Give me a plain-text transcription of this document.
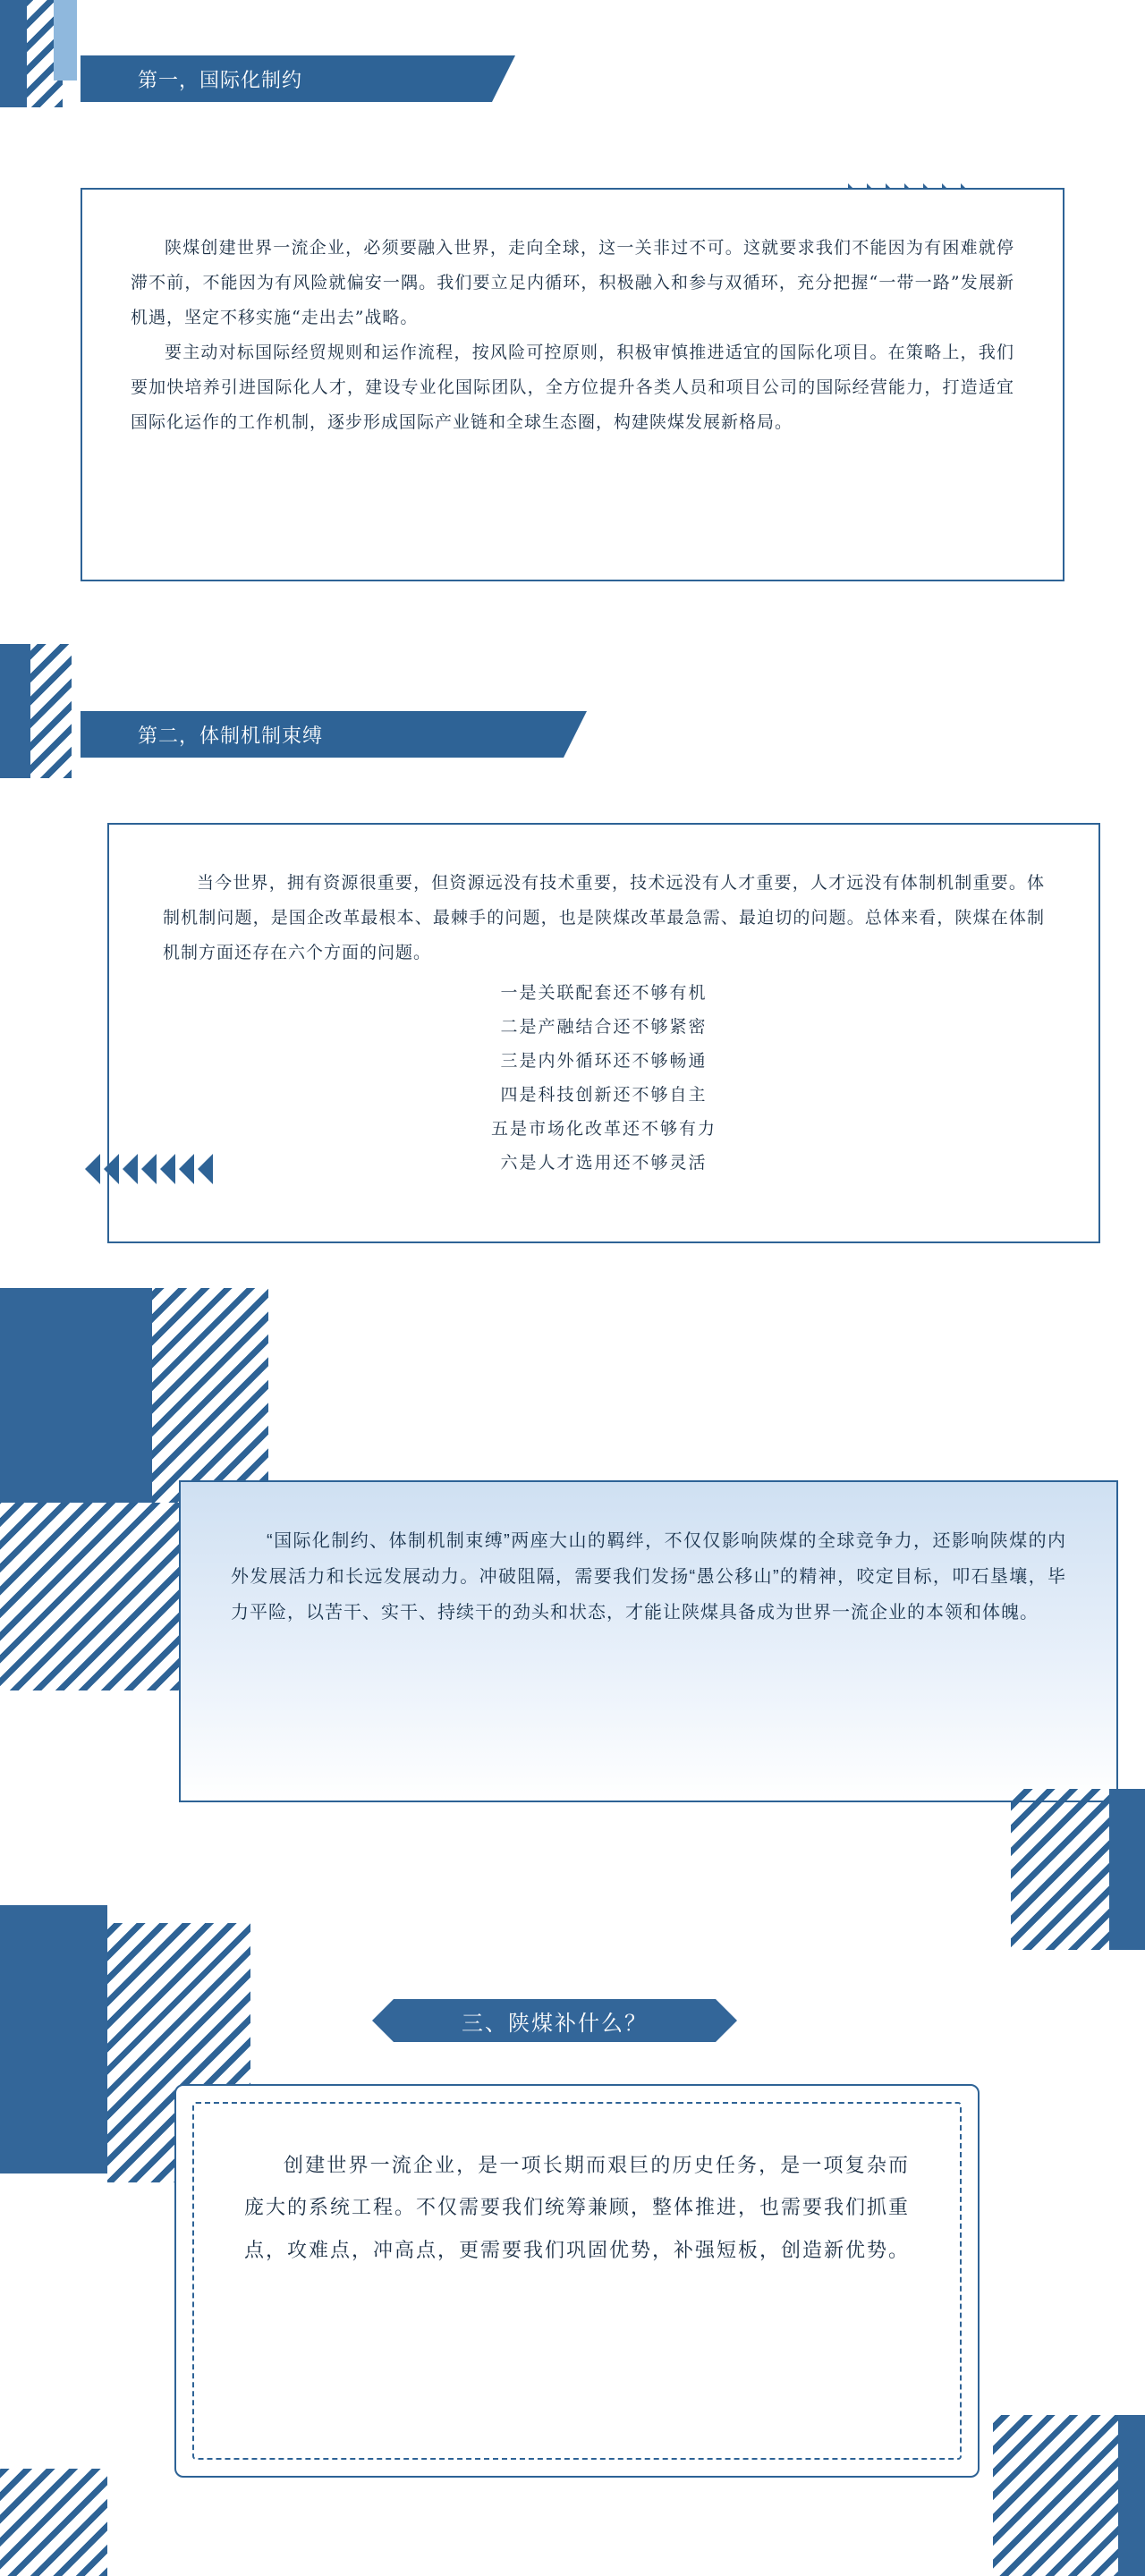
第一，国际化制约

陕煤创建世界一流企业，必须要融入世界，走向全球，这一关非过不可。这就要求我们不能因为有困难就停滞不前，不能因为有风险就偏安一隅。我们要立足内循环，积极融入和参与双循环，充分把握“一带一路”发展新机遇，坚定不移实施“走出去”战略。

要主动对标国际经贸规则和运作流程，按风险可控原则，积极审慎推进适宜的国际化项目。在策略上，我们要加快培养引进国际化人才，建设专业化国际团队，全方位提升各类人员和项目公司的国际经营能力，打造适宜国际化运作的工作机制，逐步形成国际产业链和全球生态圈，构建陕煤发展新格局。

第二，体制机制束缚

当今世界，拥有资源很重要，但资源远没有技术重要，技术远没有人才重要，人才远没有体制机制重要。体制机制问题，是国企改革最根本、最棘手的问题，也是陕煤改革最急需、最迫切的问题。总体来看，陕煤在体制机制方面还存在六个方面的问题。

一是关联配套还不够有机
二是产融结合还不够紧密
三是内外循环还不够畅通
四是科技创新还不够自主
五是市场化改革还不够有力
六是人才选用还不够灵活
“国际化制约、体制机制束缚”两座大山的羁绊，不仅仅影响陕煤的全球竞争力，还影响陕煤的内外发展活力和长远发展动力。冲破阻隔，需要我们发扬“愚公移山”的精神，咬定目标，叩石垦壤，毕力平险，以苦干、实干、持续干的劲头和状态，才能让陕煤具备成为世界一流企业的本领和体魄。
三、陕煤补什么？
创建世界一流企业，是一项长期而艰巨的历史任务，是一项复杂而庞大的系统工程。不仅需要我们统筹兼顾，整体推进，也需要我们抓重点，攻难点，冲高点，更需要我们巩固优势，补强短板，创造新优势。
